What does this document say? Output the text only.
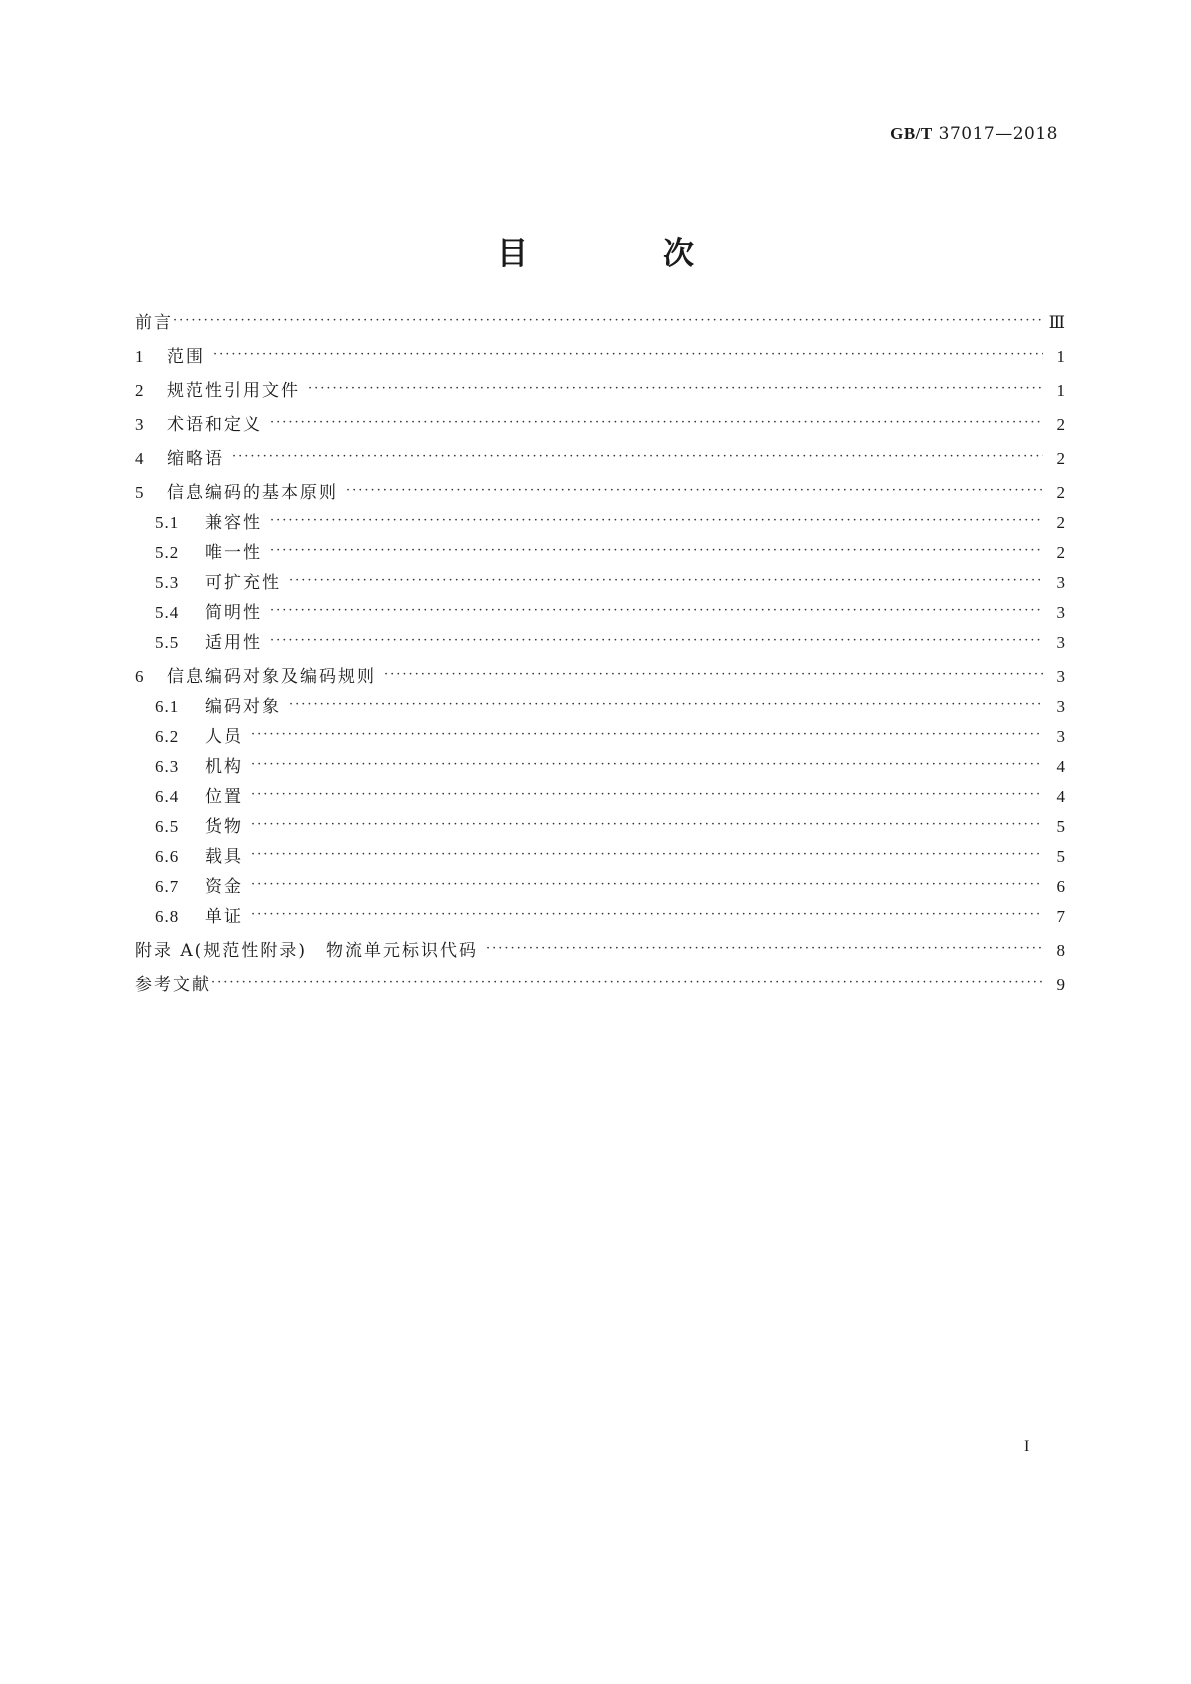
GB/T 37017—2018
目　次
前言 ·····	Ⅲ
1	范围 ·····	1
2	规范性引用文件 ·····	1
3	术语和定义 ·····	2
4	缩略语 ·····	2
5	信息编码的基本原则 ·····	2
5.1	兼容性 ·····	2
5.2	唯一性 ·····	2
5.3	可扩充性 ·····	3
5.4	简明性 ·····	3
5.5	适用性 ·····	3
6	信息编码对象及编码规则 ·····	3
6.1	编码对象 ·····	3
6.2	人员 ·····	3
6.3	机构 ·····	4
6.4	位置 ·····	4
6.5	货物 ·····	5
6.6	载具 ·····	5
6.7	资金 ·····	6
6.8	单证 ·····	7
附录 A(规范性附录)　物流单元标识代码 ·····	8
参考文献 ·····	9
I
